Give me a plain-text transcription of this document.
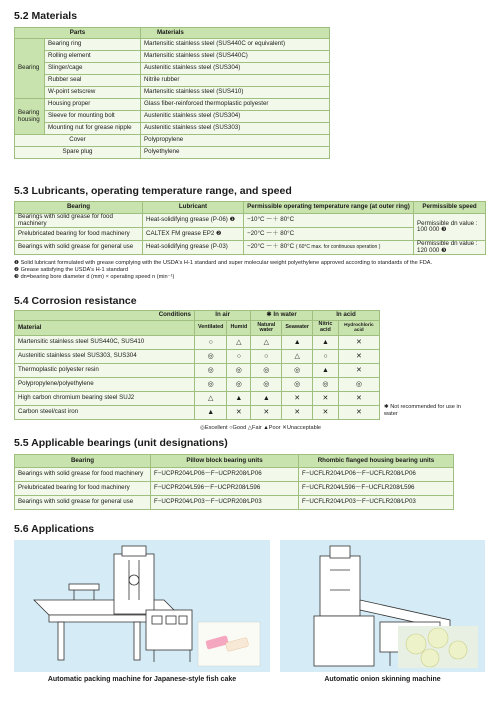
5.2 Materials
Parts		Materials
Bearing	Bearing ring	Martensitic stainless steel (SUS440C or equivalent)
	Rolling element	Martensitic stainless steel (SUS440C)
	Slinger/cage	Austenitic stainless steel (SUS304)
	Rubber seal	Nitrile rubber
	W-point setscrew	Martensitic stainless steel (SUS410)
Bearing housing	Housing proper	Glass fiber-reinforced thermoplastic polyester
	Sleeve for mounting bolt	Austenitic stainless steel (SUS304)
	Mounting nut for grease nipple	Austenitic stainless steel (SUS303)
Cover		Polypropylene
Spare plug		Polyethylene
5.3 Lubricants, operating temperature range, and speed
Bearing	Lubricant	Permissible operating temperature range (at outer ring)	Permissible speed
Bearings with solid grease for food machinery	Heat-solidifying grease (P-06) ❶	−10°C ～＋ 80°C	Permissible dn value : 100 000 ❸
Prelubricated bearing for food machinery	CALTEX FM grease EP2 ❷	−20°C ～＋ 80°C	
Bearings with solid grease for general use	Heat-solidifying grease (P-03)	−20°C ～＋ 80°C ( 60°C max. for continuous operation )	Permissible dn value : 120 000 ❸
❶ Solid lubricant formulated with grease complying with the USDA's H-1 standard and super molecular weight polyethylene approved according to standards of the FDA.
❷ Grease satisfying the USDA's H-1 standard
❸ dn=bearing bore diameter d (mm) × operating speed n (min⁻¹)
5.4 Corrosion resistance
Conditions	In air		✱ In water		In acid	
Material	Ventilated	Humid	Natural water	Seawater	Nitric acid	Hydrochloric acid
Martensitic stainless steel SUS440C, SUS410	○	△	△	▲	▲	✕
Austenitic stainless steel SUS303, SUS304	◎	○	○	△	○	✕
Thermoplastic polyester resin	◎	◎	◎	◎	▲	✕
Polypropylene/polyethylene	◎	◎	◎	◎	◎	◎
High carbon chromium bearing steel SUJ2	△	▲	▲	✕	✕	✕
Carbon steel/cast iron	▲	✕	✕	✕	✕	✕
✱ Not recommended for use in water
◎Excellent ○Good △Fair ▲Poor ✕Unacceptable
5.5 Applicable bearings (unit designations)
Bearing	Pillow block bearing units	Rhombic flanged housing bearing units
Bearings with solid grease for food machinery	F−UCPR204∕LP06～F−UCPR208∕LP06	F−UCFLR204∕LP06～F−UCFLR208∕LP06
Prelubricated bearing for food machinery	F−UCPR204∕L596～F−UCPR208∕L596	F−UCFLR204∕L596～F−UCFLR208∕L596
Bearings with solid grease for general use	F−UCPR204∕LP03～F−UCPR208∕LP03	F−UCFLR204∕LP03～F−UCFLR208∕LP03
5.6 Applications
Automatic packing machine for Japanese-style fish cake	Automatic onion skinning machine
